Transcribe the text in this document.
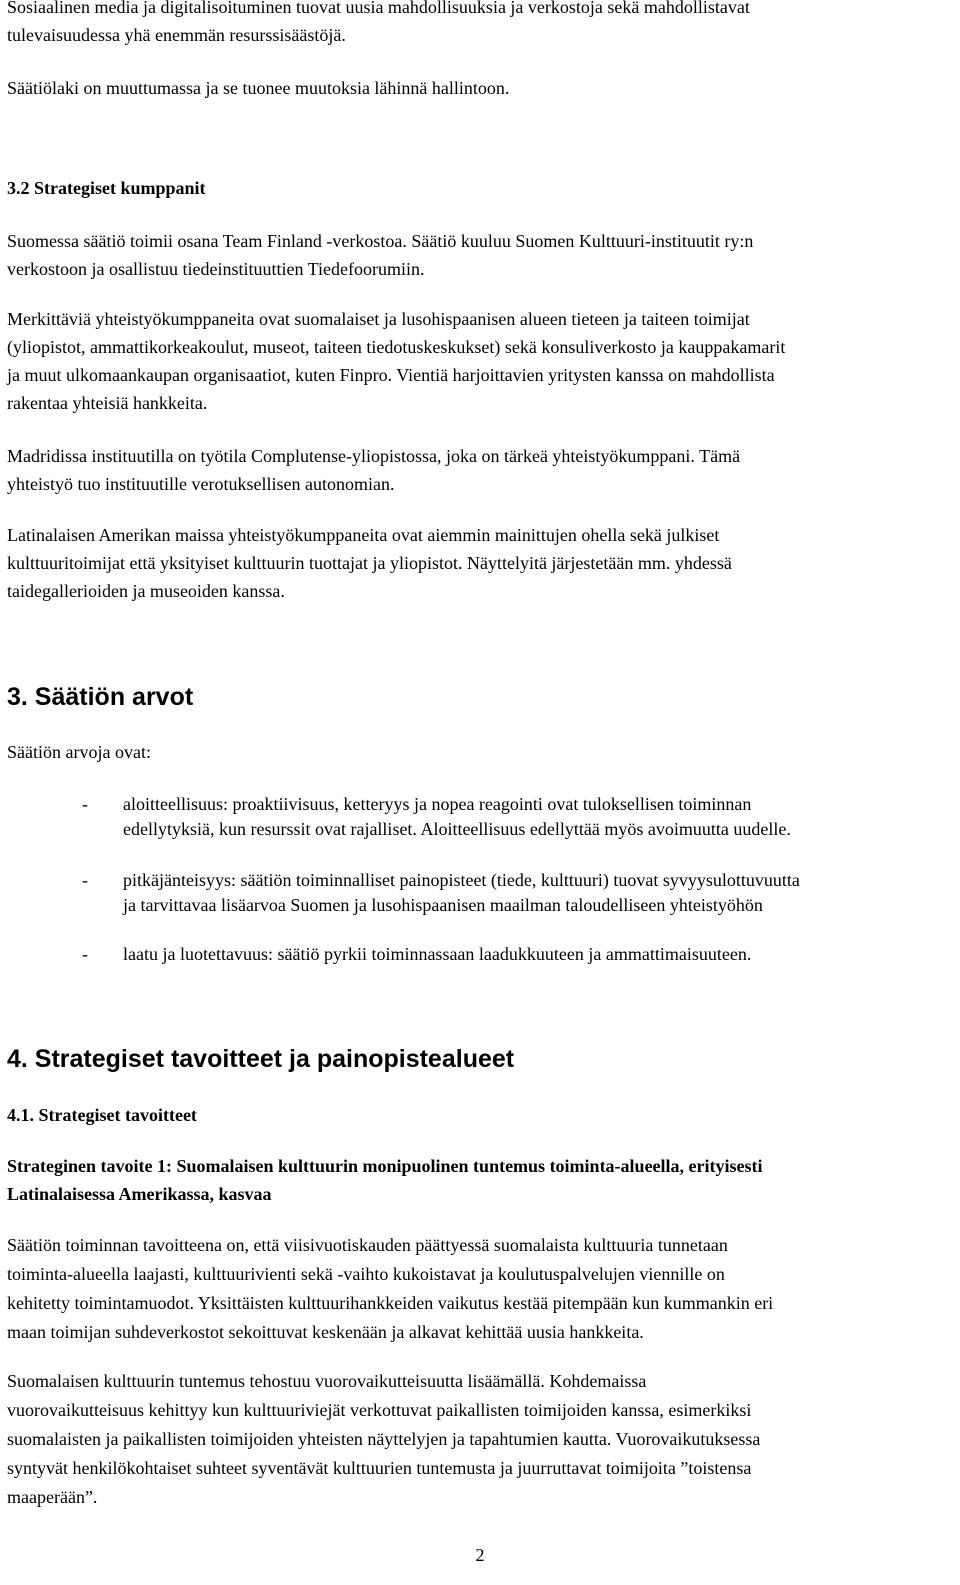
Sosiaalinen media ja digitalisoituminen tuovat uusia mahdollisuuksia ja verkostoja sekä mahdollistavat
tulevaisuudessa yhä enemmän resurssisäästöjä.

Säätiölaki on muuttumassa ja se tuonee muutoksia lähinnä hallintoon.

3.2 Strategiset kumppanit

Suomessa säätiö toimii osana Team Finland -verkostoa. Säätiö kuuluu Suomen Kulttuuri-instituutit ry:n
verkostoon ja osallistuu tiedeinstituuttien Tiedefoorumiin.

Merkittäviä yhteistyökumppaneita ovat suomalaiset ja lusohispaanisen alueen tieteen ja taiteen toimijat
(yliopistot, ammattikorkeakoulut, museot, taiteen tiedotuskeskukset) sekä konsuliverkosto ja kauppakamarit
ja muut ulkomaankaupan organisaatiot, kuten Finpro. Vientiä harjoittavien yritysten kanssa on mahdollista
rakentaa yhteisiä hankkeita.

Madridissa instituutilla on työtila Complutense-yliopistossa, joka on tärkeä yhteistyökumppani. Tämä
yhteistyö tuo instituutille verotuksellisen autonomian.

Latinalaisen Amerikan maissa yhteistyökumppaneita ovat aiemmin mainittujen ohella sekä julkiset
kulttuuritoimijat että yksityiset kulttuurin tuottajat ja yliopistot. Näyttelyitä järjestetään mm. yhdessä
taidegallerioiden ja museoiden kanssa.

3. Säätiön arvot

Säätiön arvoja ovat:

- aloitteellisuus: proaktiivisuus, ketteryys ja nopea reagointi ovat tuloksellisen toiminnan
edellytyksiä, kun resurssit ovat rajalliset. Aloitteellisuus edellyttää myös avoimuutta uudelle.
- pitkäjänteisyys: säätiön toiminnalliset painopisteet (tiede, kulttuuri) tuovat syvyysulottuvuutta
ja tarvittavaa lisäarvoa Suomen ja lusohispaanisen maailman taloudelliseen yhteistyöhön
- laatu ja luotettavuus: säätiö pyrkii toiminnassaan laadukkuuteen ja ammattimaisuuteen.
4. Strategiset tavoitteet ja painopistealueet
4.1. Strategiset tavoitteet

Strateginen tavoite 1: Suomalaisen kulttuurin monipuolinen tuntemus toiminta-alueella, erityisesti
Latinalaisessa Amerikassa, kasvaa

Säätiön toiminnan tavoitteena on, että viisivuotiskauden päättyessä suomalaista kulttuuria tunnetaan
toiminta-alueella laajasti, kulttuurivienti sekä -vaihto kukoistavat ja koulutuspalvelujen viennille on
kehitetty toimintamuodot. Yksittäisten kulttuurihankkeiden vaikutus kestää pitempään kun kummankin eri
maan toimijan suhdeverkostot sekoittuvat keskenään ja alkavat kehittää uusia hankkeita.

Suomalaisen kulttuurin tuntemus tehostuu vuorovaikutteisuutta lisäämällä. Kohdemaissa
vuorovaikutteisuus kehittyy kun kulttuuriviejät verkottuvat paikallisten toimijoiden kanssa, esimerkiksi
suomalaisten ja paikallisten toimijoiden yhteisten näyttelyjen ja tapahtumien kautta. Vuorovaikutuksessa
syntyvät henkilökohtaiset suhteet syventävät kulttuurien tuntemusta ja juurruttavat toimijoita ”toistensa
maaperään”.

2
